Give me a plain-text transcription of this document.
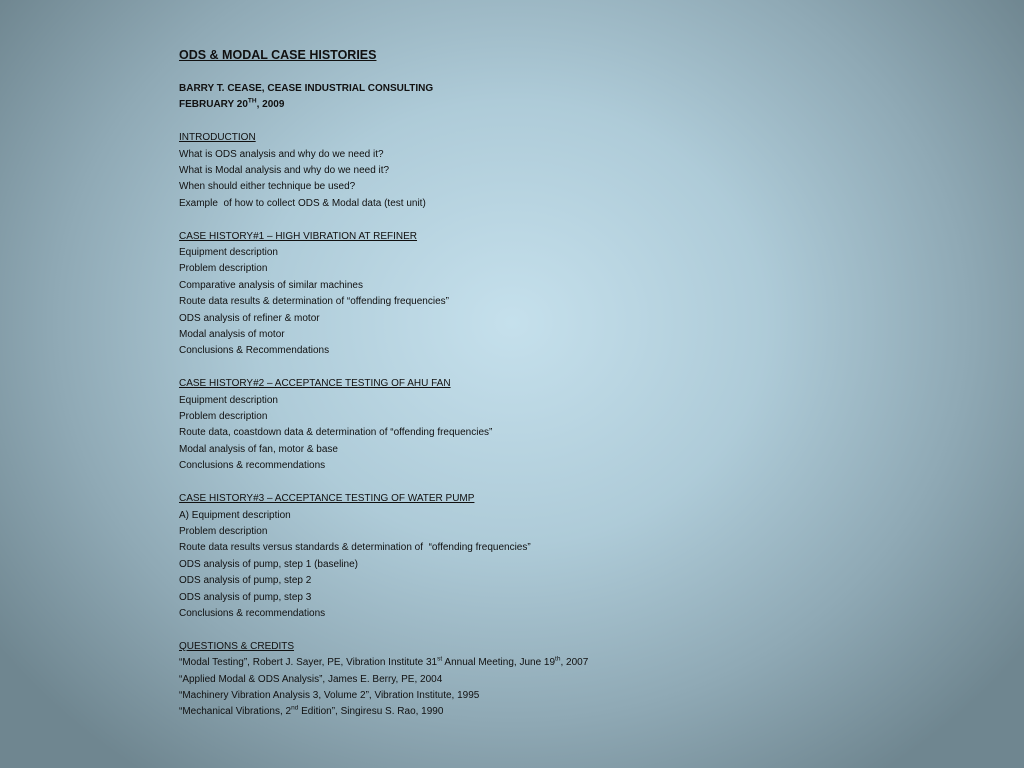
ODS & MODAL CASE HISTORIES
BARRY T. CEASE, CEASE INDUSTRIAL CONSULTING
FEBRUARY 20TH, 2009
INTRODUCTION
What is ODS analysis and why do we need it?
What is Modal analysis and why do we need it?
When should either technique be used?
Example  of how to collect ODS & Modal data (test unit)
CASE HISTORY#1 – HIGH VIBRATION AT REFINER
Equipment description
Problem description
Comparative analysis of similar machines
Route data results & determination of “offending frequencies”
ODS analysis of refiner & motor
Modal analysis of motor
Conclusions & Recommendations
CASE HISTORY#2 – ACCEPTANCE TESTING OF AHU FAN
Equipment description
Problem description
Route data, coastdown data & determination of “offending frequencies”
Modal analysis of fan, motor & base
Conclusions & recommendations
CASE HISTORY#3 – ACCEPTANCE TESTING OF WATER PUMP
A) Equipment description
Problem description
Route data results versus standards & determination of  “offending frequencies”
ODS analysis of pump, step 1 (baseline)
ODS analysis of pump, step 2
ODS analysis of pump, step 3
Conclusions & recommendations
QUESTIONS & CREDITS
“Modal Testing”, Robert J. Sayer, PE, Vibration Institute 31st Annual Meeting, June 19th, 2007
“Applied Modal & ODS Analysis”, James E. Berry, PE, 2004
“Machinery Vibration Analysis 3, Volume 2”, Vibration Institute, 1995
“Mechanical Vibrations, 2nd Edition”, Singiresu S. Rao, 1990
